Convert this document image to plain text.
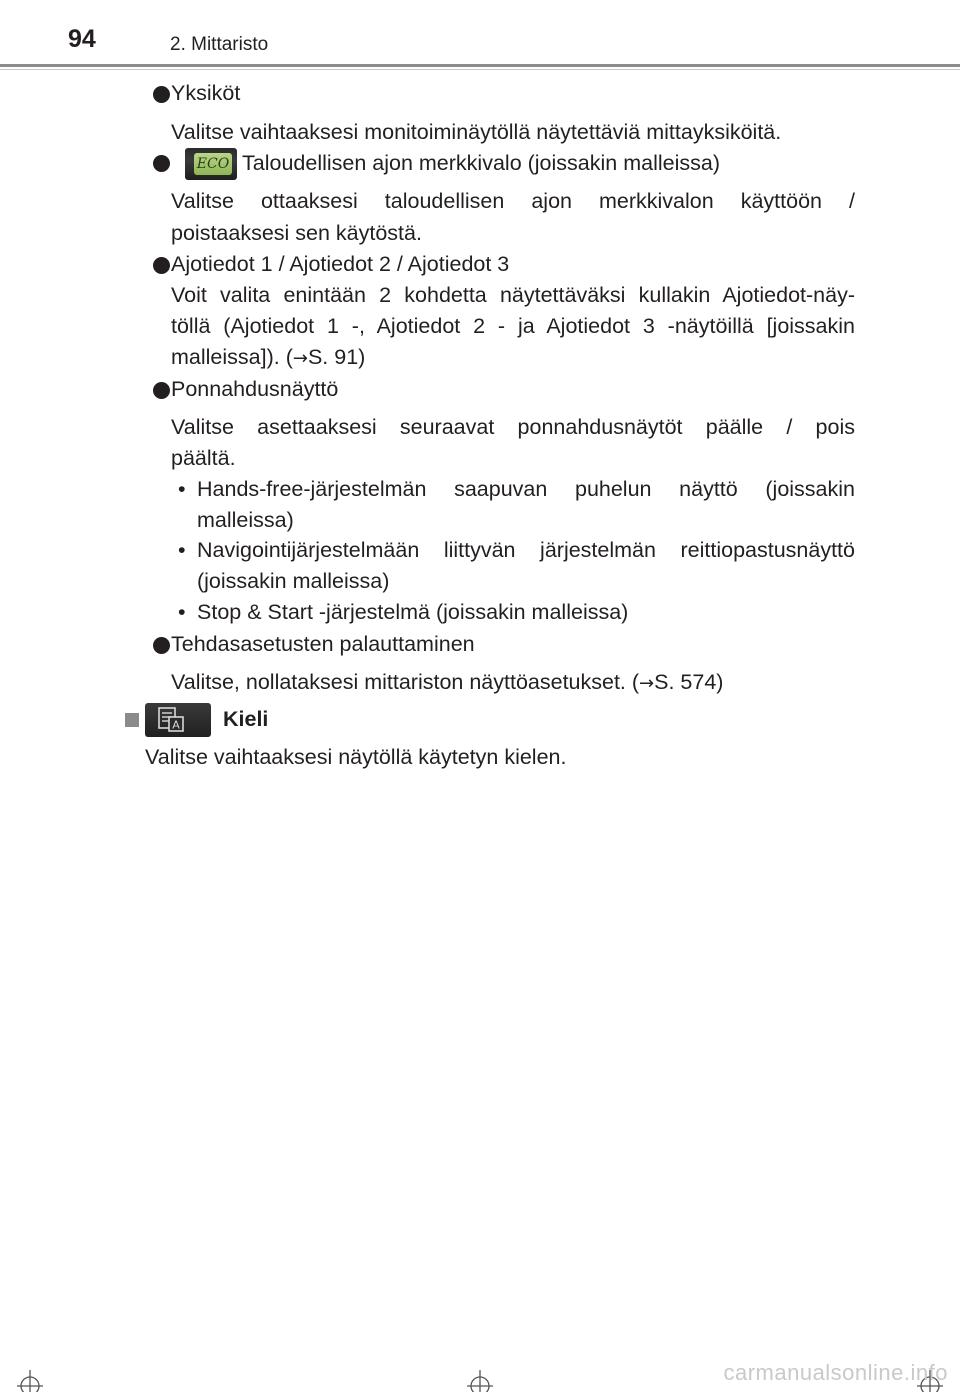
94	2. Mittaristo
Yksiköt
Valitse vaihtaaksesi monitoiminäytöllä näytettäviä mittayksiköitä.
ECO Taloudellisen ajon merkkivalo (joissakin malleissa)
Valitse ottaaksesi taloudellisen ajon merkkivalon käyttöön /
poistaaksesi sen käytöstä.
Ajotiedot 1 / Ajotiedot 2 / Ajotiedot 3
Voit valita enintään 2 kohdetta näytettäväksi kullakin Ajotiedot-näy-
töllä (Ajotiedot 1 -, Ajotiedot 2 - ja Ajotiedot 3 -näytöillä [joissakin
malleissa]). (→S. 91)
Ponnahdusnäyttö
Valitse asettaaksesi seuraavat ponnahdusnäytöt päälle / pois
päältä.
• Hands-free-järjestelmän saapuvan puhelun näyttö (joissakin
malleissa)
• Navigointijärjestelmään liittyvän järjestelmän reittiopastusnäyttö
(joissakin malleissa)
• Stop & Start -järjestelmä (joissakin malleissa)
Tehdasasetusten palauttaminen
Valitse, nollataksesi mittariston näyttöasetukset. (→S. 574)
A Kieli
Valitse vaihtaaksesi näytöllä käytetyn kielen.
carmanualsonline.info
